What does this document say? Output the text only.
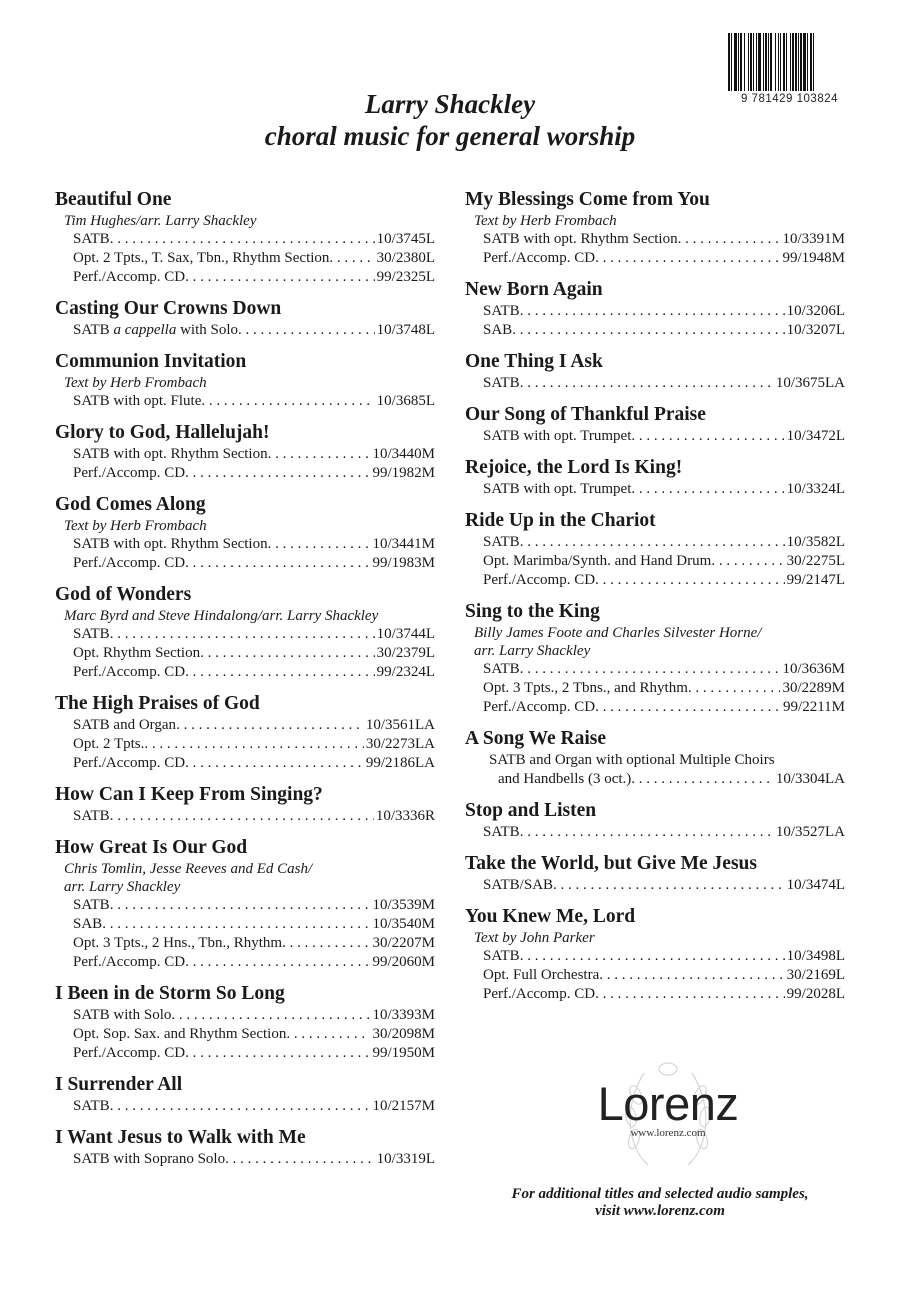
9 781429 103824
Larry Shackley
choral music for general worship
Beautiful One
Tim Hughes/arr. Larry Shackley
SATB . . .	10/3745L
Opt. 2 Tpts., T. Sax, Tbn., Rhythm Section . . .	30/2380L
Perf./Accomp. CD . . .	99/2325L
Casting Our Crowns Down
SATB a cappella with Solo . . .	10/3748L
Communion Invitation
Text by Herb Frombach
SATB with opt. Flute . . .	10/3685L
Glory to God, Hallelujah!
SATB with opt. Rhythm Section . . .	10/3440M
Perf./Accomp. CD . . .	99/1982M
God Comes Along
Text by Herb Frombach
SATB with opt. Rhythm Section . . .	10/3441M
Perf./Accomp. CD . . .	99/1983M
God of Wonders
Marc Byrd and Steve Hindalong/arr. Larry Shackley
SATB . . .	10/3744L
Opt. Rhythm Section . . .	30/2379L
Perf./Accomp. CD . . .	99/2324L
The High Praises of God
SATB and Organ . . .	10/3561LA
Opt. 2 Tpts. . . .	30/2273LA
Perf./Accomp. CD . . .	99/2186LA
How Can I Keep From Singing?
SATB . . .	10/3336R
How Great Is Our God
Chris Tomlin, Jesse Reeves and Ed Cash/
arr. Larry Shackley
SATB . . .	10/3539M
SAB . . .	10/3540M
Opt. 3 Tpts., 2 Hns., Tbn., Rhythm . . .	30/2207M
Perf./Accomp. CD . . .	99/2060M
I Been in de Storm So Long
SATB with Solo . . .	10/3393M
Opt. Sop. Sax. and Rhythm Section . . .	30/2098M
Perf./Accomp. CD . . .	99/1950M
I Surrender All
SATB . . .	10/2157M
I Want Jesus to Walk with Me
SATB with Soprano Solo . . .	10/3319L
My Blessings Come from You
Text by Herb Frombach
SATB with opt. Rhythm Section . . .	10/3391M
Perf./Accomp. CD . . .	99/1948M
New Born Again
SATB . . .	10/3206L
SAB . . .	10/3207L
One Thing I Ask
SATB . . .	10/3675LA
Our Song of Thankful Praise
SATB with opt. Trumpet . . .	10/3472L
Rejoice, the Lord Is King!
SATB with opt. Trumpet . . .	10/3324L
Ride Up in the Chariot
SATB . . .	10/3582L
Opt. Marimba/Synth. and Hand Drum . . .	30/2275L
Perf./Accomp. CD . . .	99/2147L
Sing to the King
Billy James Foote and Charles Silvester Horne/
arr. Larry Shackley
SATB . . .	10/3636M
Opt. 3 Tpts., 2 Tbns., and Rhythm . . .	30/2289M
Perf./Accomp. CD . . .	99/2211M
A Song We Raise
SATB and Organ with optional Multiple Choirs
and Handbells (3 oct.) . . .	10/3304LA
Stop and Listen
SATB . . .	10/3527LA
Take the World, but Give Me Jesus
SATB/SAB . . .	10/3474L
You Knew Me, Lord
Text by John Parker
SATB . . .	10/3498L
Opt. Full Orchestra . . .	30/2169L
Perf./Accomp. CD . . .	99/2028L
Lorenz
www.lorenz.com
For additional titles and selected audio samples,
visit www.lorenz.com
